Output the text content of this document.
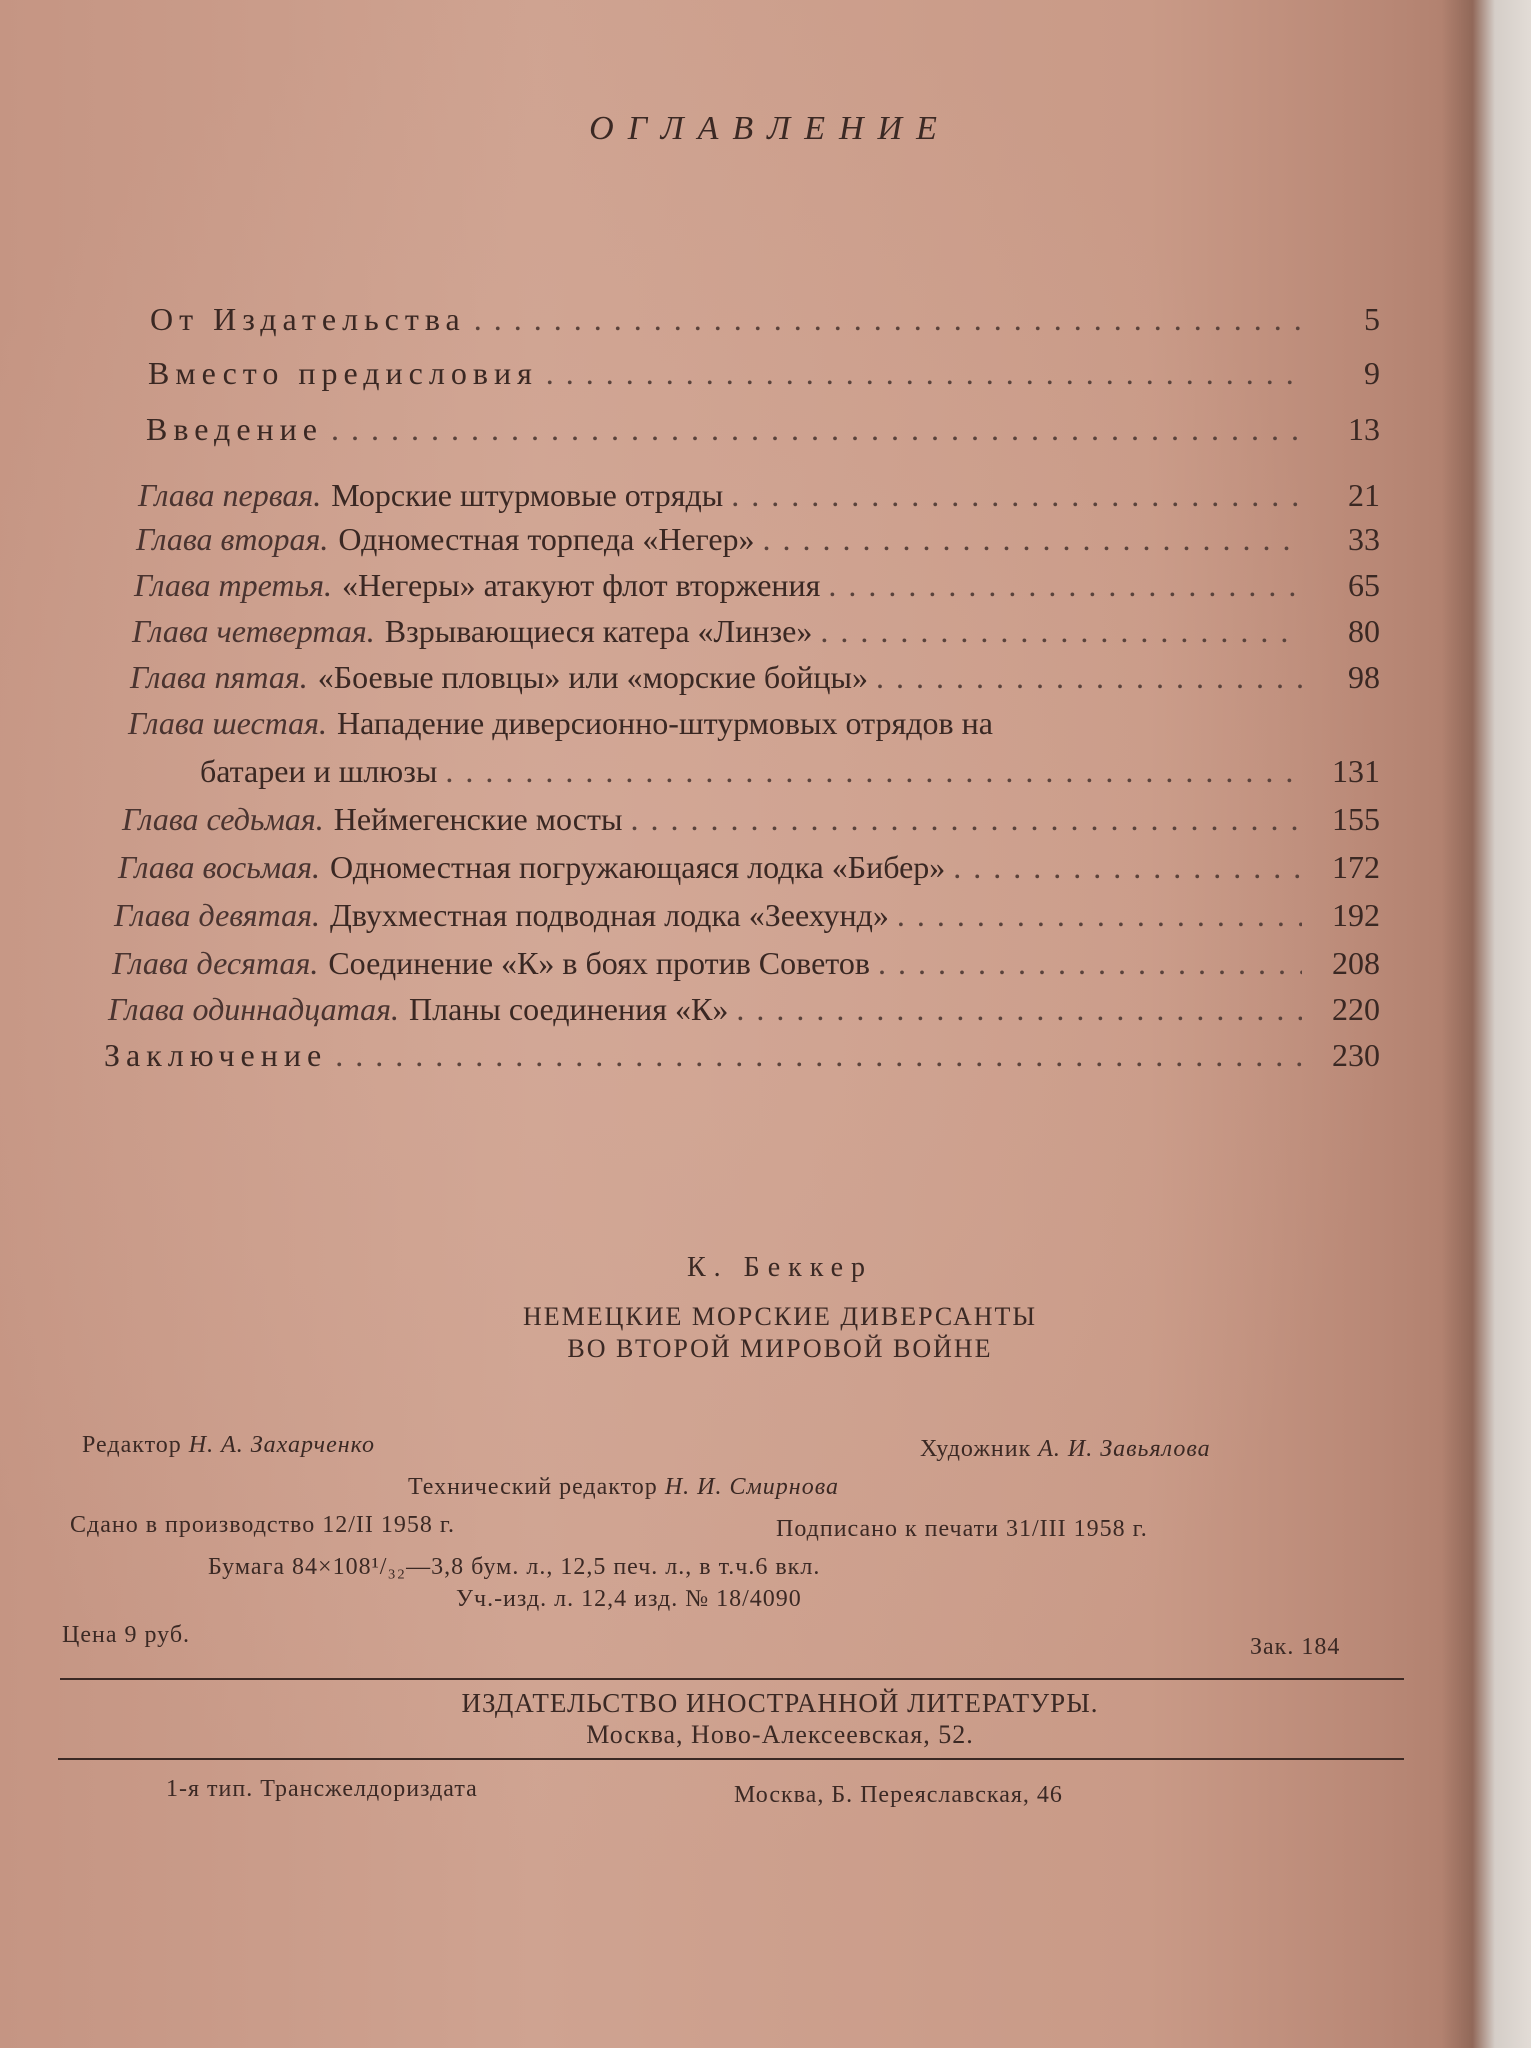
ОГЛАВЛЕНИЕ
От Издательства . . .	5
Вместо предисловия . . .	9
Введение . . .	13
Глава первая. Морские штурмовые отряды . . .	21
Глава вторая. Одноместная торпеда «Негер» . . .	33
Глава третья. «Негеры» атакуют флот вторжения . . .	65
Глава четвертая. Взрывающиеся катера «Линзе» . . .	80
Глава пятая. «Боевые пловцы» или «морские бойцы» . . .	98
Глава шестая. Нападение диверсионно-штурмовых отрядов на
батареи и шлюзы . . .	131
Глава седьмая. Неймегенские мосты . . .	155
Глава восьмая. Одноместная погружающаяся лодка «Бибер» . . .	172
Глава девятая. Двухместная подводная лодка «Зеехунд» . . .	192
Глава десятая. Соединение «К» в боях против Советов . . .	208
Глава одиннадцатая. Планы соединения «К» . . .	220
Заключение . . .	230
К. Беккер
НЕМЕЦКИЕ МОРСКИЕ ДИВЕРСАНТЫ
ВО ВТОРОЙ МИРОВОЙ ВОЙНЕ
Редактор Н. А. Захарченко	Художник А. И. Завьялова
Технический редактор Н. И. Смирнова
Сдано в производство 12/II 1958 г.	Подписано к печати 31/III 1958 г.
Бумага 84×108¹/₃₂—3,8 бум. л., 12,5 печ. л., в т.ч.6 вкл.
Уч.-изд. л. 12,4 изд. № 18/4090
Цена 9 руб.	Зак. 184
ИЗДАТЕЛЬСТВО ИНОСТРАННОЙ ЛИТЕРАТУРЫ.
Москва, Ново-Алексеевская, 52.
1-я тип. Трансжелдориздата	Москва, Б. Переяславская, 46
